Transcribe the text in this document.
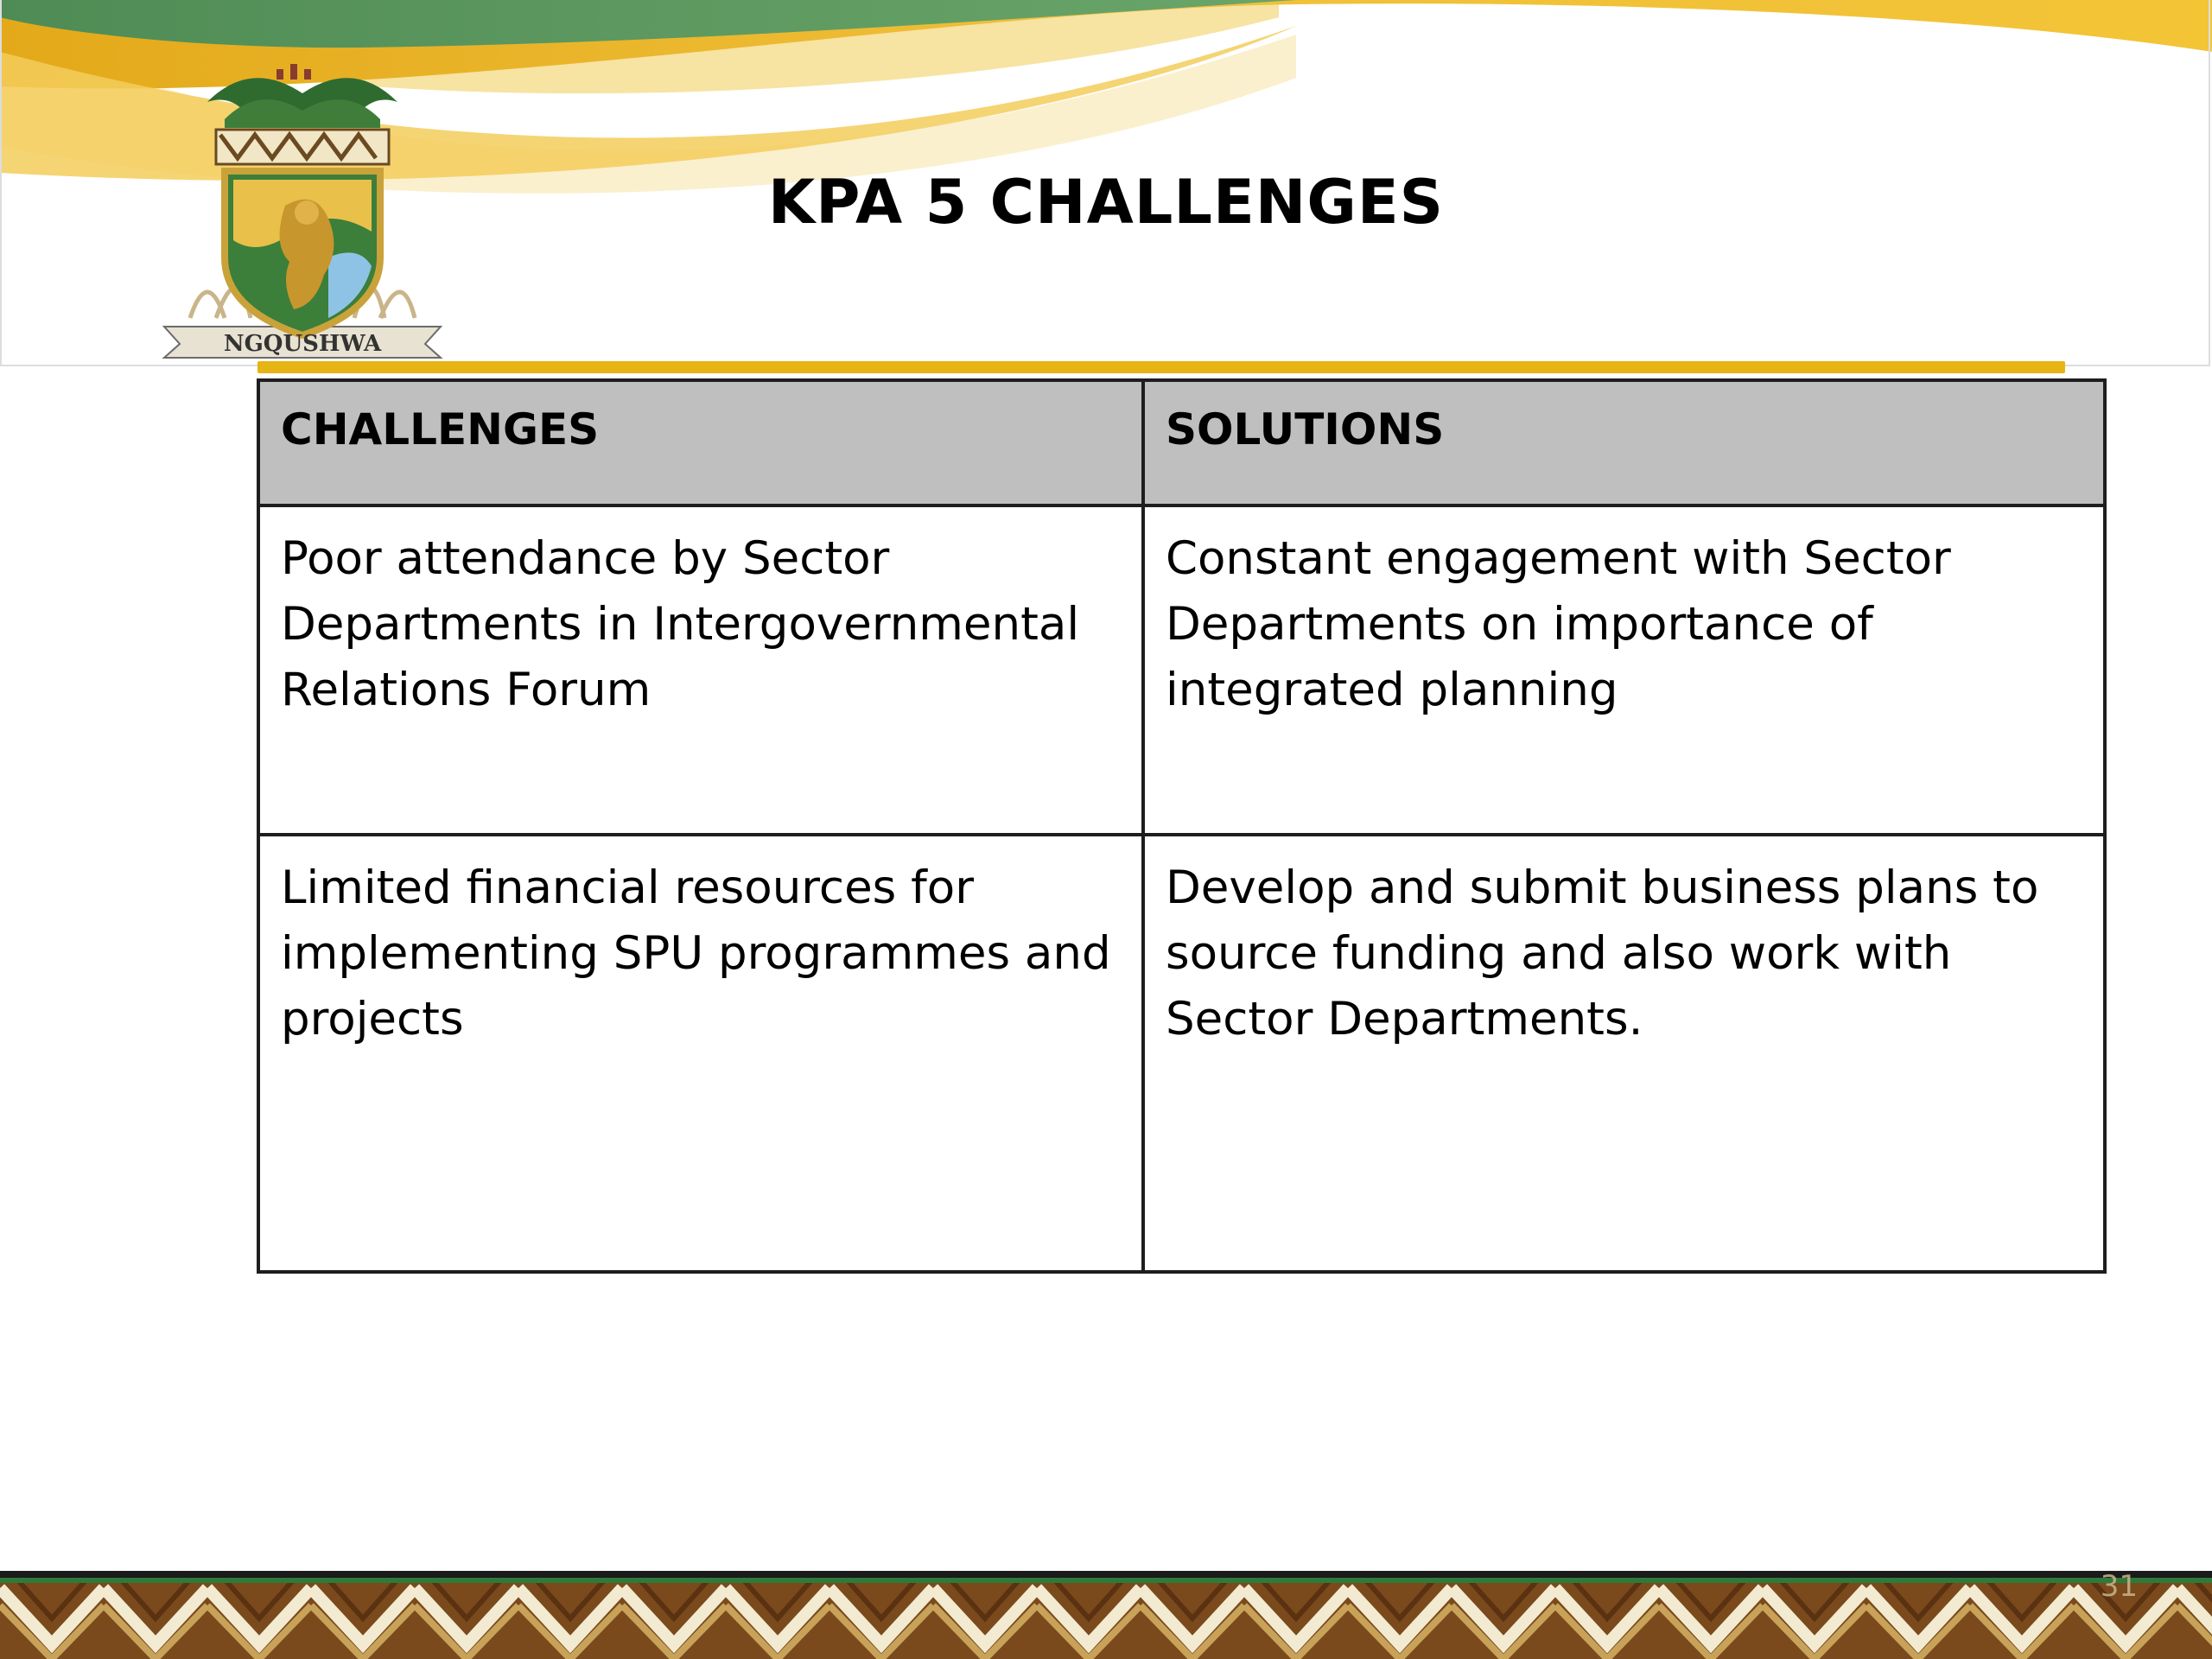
NGQUSHWA
KPA 5 CHALLENGES
CHALLENGES	SOLUTIONS
Poor attendance by Sector Departments in Intergovernmental Relations Forum	Constant engagement with Sector Departments on importance of integrated planning
Limited financial resources for implementing SPU programmes and projects	Develop and submit business plans to source funding and also work with Sector Departments.
31
